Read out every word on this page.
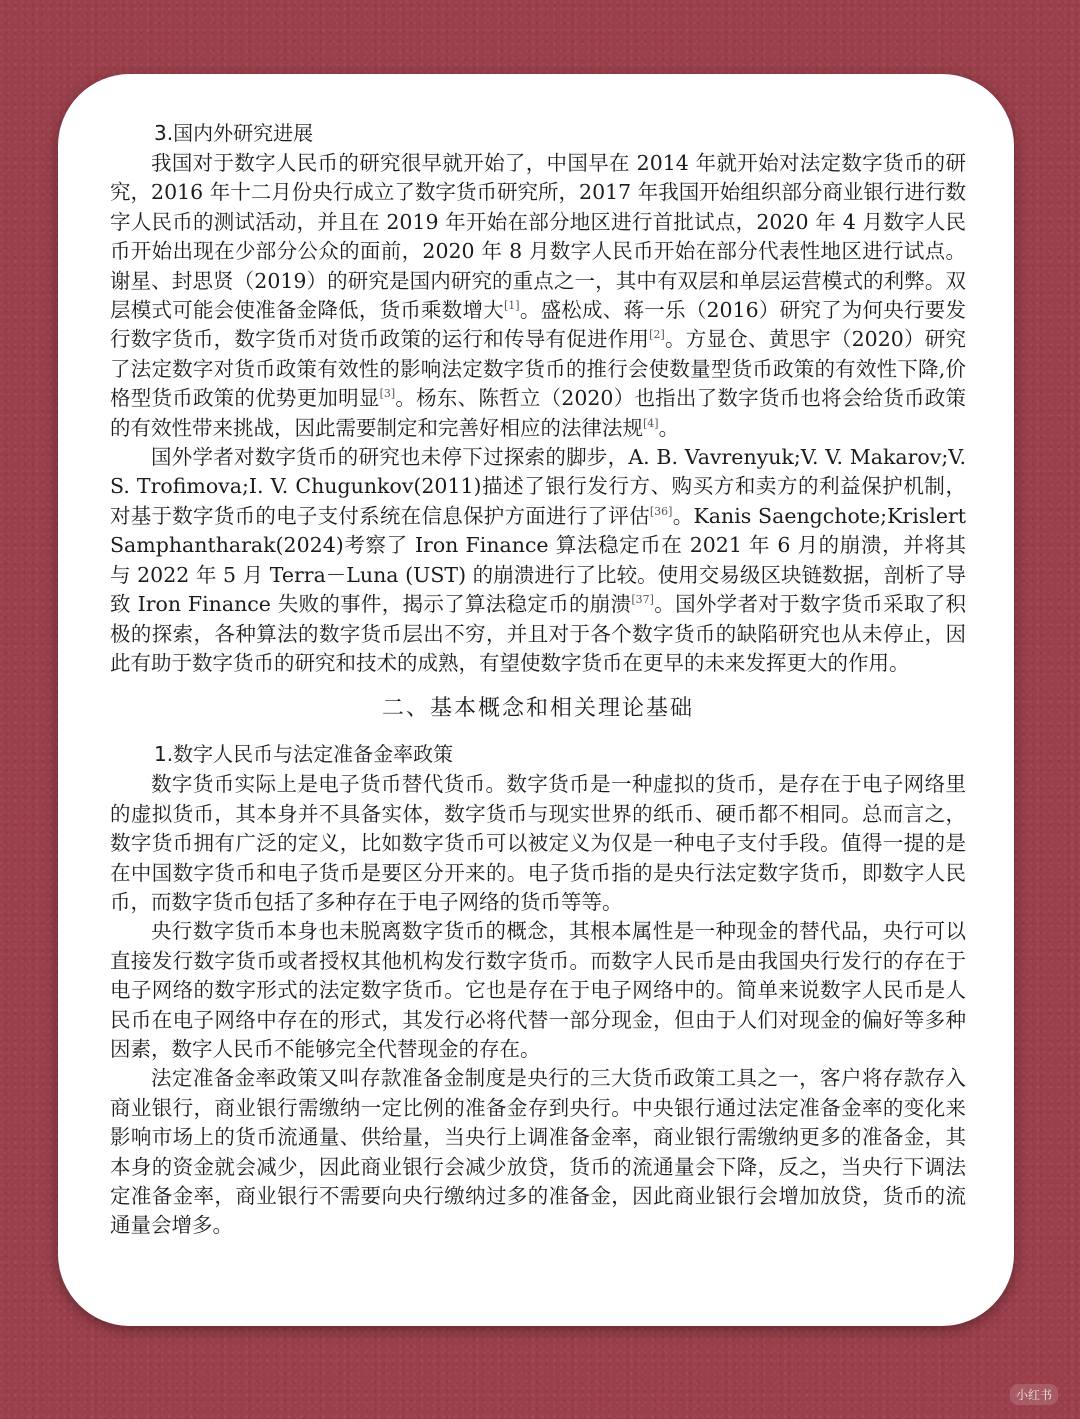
3.国内外研究进展

我国对于数字人民币的研究很早就开始了，中国早在 2014 年就开始对法定数字货币的研究，2016 年十二月份央行成立了数字货币研究所，2017 年我国开始组织部分商业银行进行数字人民币的测试活动，并且在 2019 年开始在部分地区进行首批试点，2020 年 4 月数字人民币开始出现在少部分公众的面前，2020 年 8 月数字人民币开始在部分代表性地区进行试点。谢星、封思贤（2019）的研究是国内研究的重点之一，其中有双层和单层运营模式的利弊。双层模式可能会使准备金降低，货币乘数增大[1]。盛松成、蒋一乐（2016）研究了为何央行要发行数字货币，数字货币对货币政策的运行和传导有促进作用[2]。方显仓、黄思宇（2020）研究了法定数字对货币政策有效性的影响法定数字货币的推行会使数量型货币政策的有效性下降,价格型货币政策的优势更加明显[3]。杨东、陈哲立（2020）也指出了数字货币也将会给货币政策的有效性带来挑战，因此需要制定和完善好相应的法律法规[4]。

国外学者对数字货币的研究也未停下过探索的脚步，A. B. Vavrenyuk;V. V. Makarov;V. S. Trofimova;I. V. Chugunkov(2011)描述了银行发行方、购买方和卖方的利益保护机制，对基于数字货币的电子支付系统在信息保护方面进行了评估[36]。Kanis Saengchote;Krislert Samphantharak(2024)考察了 Iron Finance 算法稳定币在 2021 年 6 月的崩溃，并将其与 2022 年 5 月 Terra－Luna (UST) 的崩溃进行了比较。使用交易级区块链数据，剖析了导致 Iron Finance 失败的事件，揭示了算法稳定币的崩溃[37]。国外学者对于数字货币采取了积极的探索，各种算法的数字货币层出不穷，并且对于各个数字货币的缺陷研究也从未停止，因此有助于数字货币的研究和技术的成熟，有望使数字货币在更早的未来发挥更大的作用。

二、基本概念和相关理论基础
1.数字人民币与法定准备金率政策

数字货币实际上是电子货币替代货币。数字货币是一种虚拟的货币，是存在于电子网络里的虚拟货币，其本身并不具备实体，数字货币与现实世界的纸币、硬币都不相同。总而言之，数字货币拥有广泛的定义，比如数字货币可以被定义为仅是一种电子支付手段。值得一提的是在中国数字货币和电子货币是要区分开来的。电子货币指的是央行法定数字货币，即数字人民币，而数字货币包括了多种存在于电子网络的货币等等。

央行数字货币本身也未脱离数字货币的概念，其根本属性是一种现金的替代品，央行可以直接发行数字货币或者授权其他机构发行数字货币。而数字人民币是由我国央行发行的存在于电子网络的数字形式的法定数字货币。它也是存在于电子网络中的。简单来说数字人民币是人民币在电子网络中存在的形式，其发行必将代替一部分现金，但由于人们对现金的偏好等多种因素，数字人民币不能够完全代替现金的存在。

法定准备金率政策又叫存款准备金制度是央行的三大货币政策工具之一，客户将存款存入商业银行，商业银行需缴纳一定比例的准备金存到央行。中央银行通过法定准备金率的变化来影响市场上的货币流通量、供给量，当央行上调准备金率，商业银行需缴纳更多的准备金，其本身的资金就会减少，因此商业银行会减少放贷，货币的流通量会下降，反之，当央行下调法定准备金率，商业银行不需要向央行缴纳过多的准备金，因此商业银行会增加放贷，货币的流通量会增多。

小红书
